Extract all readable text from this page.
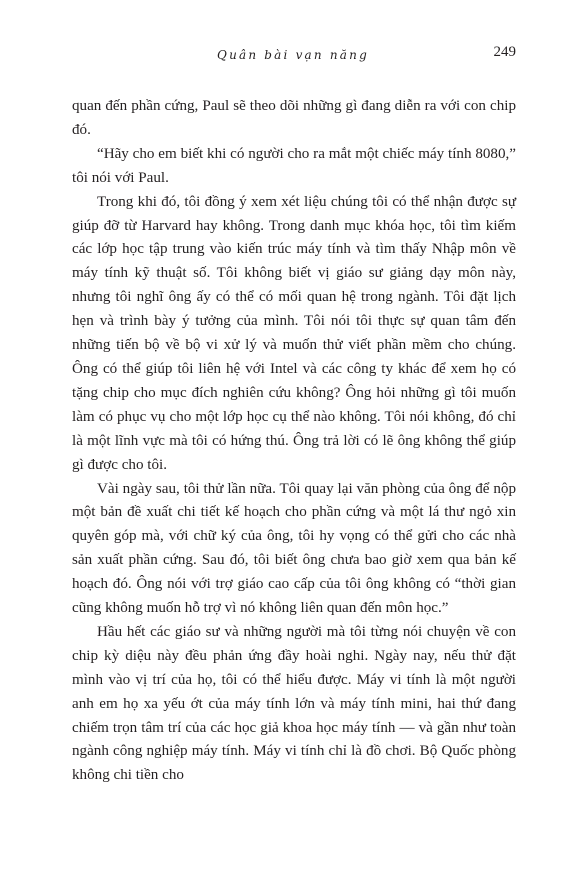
Quân bài vạn năng	249

quan đến phần cứng, Paul sẽ theo dõi những gì đang diễn ra với con chip đó.

“Hãy cho em biết khi có người cho ra mắt một chiếc máy tính 8080,” tôi nói với Paul.

Trong khi đó, tôi đồng ý xem xét liệu chúng tôi có thể nhận được sự giúp đỡ từ Harvard hay không. Trong danh mục khóa học, tôi tìm kiếm các lớp học tập trung vào kiến trúc máy tính và tìm thấy Nhập môn về máy tính kỹ thuật số. Tôi không biết vị giáo sư giảng dạy môn này, nhưng tôi nghĩ ông ấy có thể có mối quan hệ trong ngành. Tôi đặt lịch hẹn và trình bày ý tưởng của mình. Tôi nói tôi thực sự quan tâm đến những tiến bộ về bộ vi xử lý và muốn thử viết phần mềm cho chúng. Ông có thể giúp tôi liên hệ với Intel và các công ty khác để xem họ có tặng chip cho mục đích nghiên cứu không? Ông hỏi những gì tôi muốn làm có phục vụ cho một lớp học cụ thể nào không. Tôi nói không, đó chỉ là một lĩnh vực mà tôi có hứng thú. Ông trả lời có lẽ ông không thể giúp gì được cho tôi.

Vài ngày sau, tôi thử lần nữa. Tôi quay lại văn phòng của ông để nộp một bản đề xuất chi tiết kế hoạch cho phần cứng và một lá thư ngỏ xin quyên góp mà, với chữ ký của ông, tôi hy vọng có thể gửi cho các nhà sản xuất phần cứng. Sau đó, tôi biết ông chưa bao giờ xem qua bản kế hoạch đó. Ông nói với trợ giáo cao cấp của tôi ông không có “thời gian cũng không muốn hỗ trợ vì nó không liên quan đến môn học.”

Hầu hết các giáo sư và những người mà tôi từng nói chuyện về con chip kỳ diệu này đều phản ứng đầy hoài nghi. Ngày nay, nếu thử đặt mình vào vị trí của họ, tôi có thể hiểu được. Máy vi tính là một người anh em họ xa yếu ớt của máy tính lớn và máy tính mini, hai thứ đang chiếm trọn tâm trí của các học giả khoa học máy tính — và gần như toàn ngành công nghiệp máy tính. Máy vi tính chỉ là đồ chơi. Bộ Quốc phòng không chi tiền cho
